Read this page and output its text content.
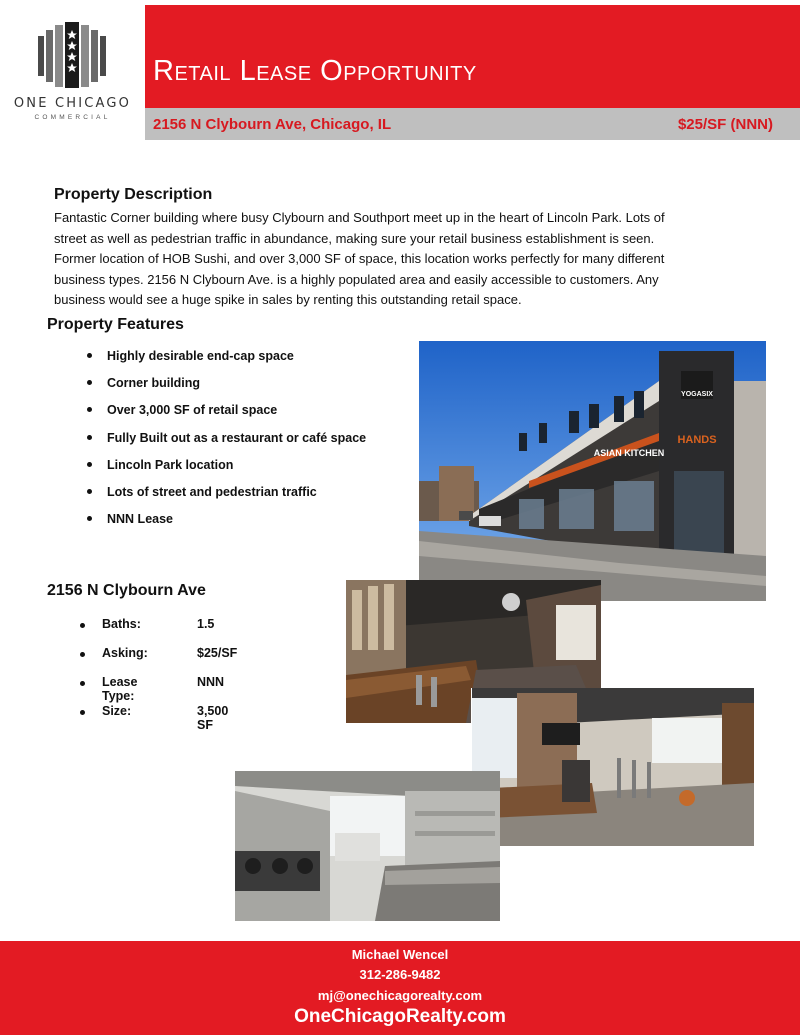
ONE CHICAGO
COMMERCIAL
Retail Lease Opportunity
2156 N Clybourn Ave, Chicago, IL	$25/SF (NNN)
Property Description
Fantastic Corner building where busy Clybourn and Southport meet up in the heart of Lincoln Park. Lots of street as well as pedestrian traffic in abundance, making sure your retail business establishment is seen. Former location of HOB Sushi, and over 3,000 SF of space, this location works perfectly for many different business types. 2156 N Clybourn Ave. is a highly populated area and easily accessible to customers. Any business would see a huge spike in sales by renting this outstanding retail space.
Property Features
Highly desirable end-cap space
Corner building
Over 3,000 SF of retail space
Fully Built out as a restaurant or café space
Lincoln Park location
Lots of street and pedestrian traffic
NNN Lease
2156 N Clybourn Ave
Baths:	1.5
Asking:	$25/SF
Lease Type:
NNN
Size:	3,500 SF
YOGASIX
ASIAN KITCHEN
HANDS
Michael Wencel
312-286-9482
mj@onechicagorealty.com
OneChicagoRealty.com
